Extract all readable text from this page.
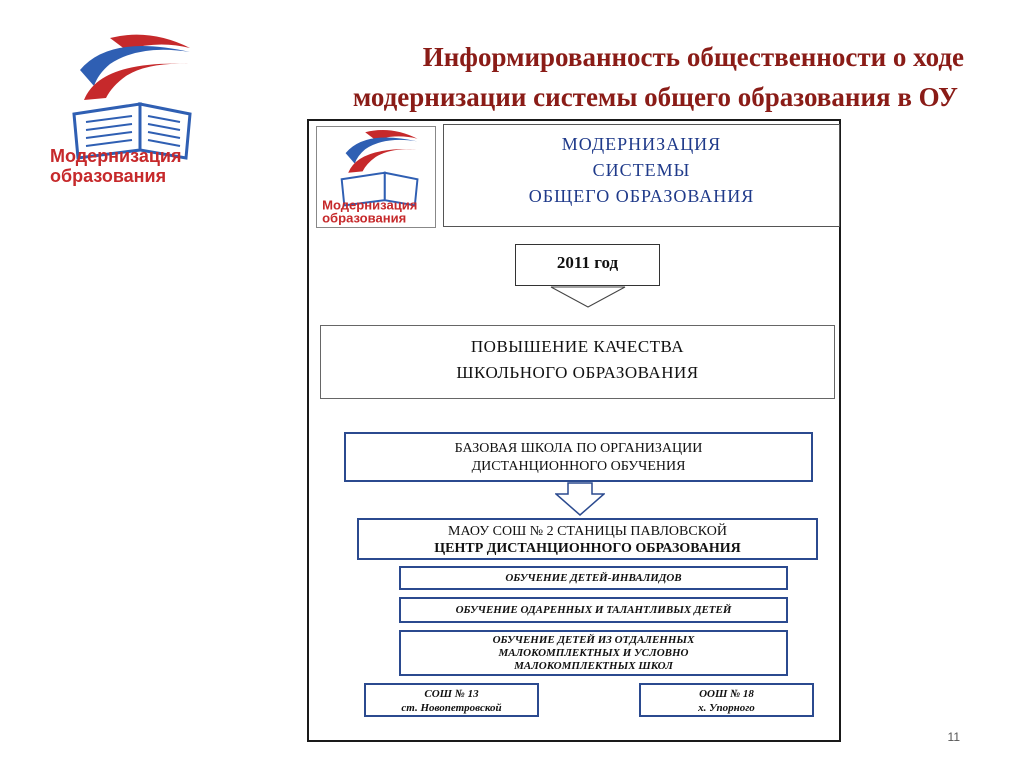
Информированность общественности о ходе
модернизации системы общего образования в ОУ
Модернизация
образования
Модернизация
образования
МОДЕРНИЗАЦИЯ
СИСТЕМЫ
ОБЩЕГО ОБРАЗОВАНИЯ
2011 год
ПОВЫШЕНИЕ КАЧЕСТВА
ШКОЛЬНОГО ОБРАЗОВАНИЯ
БАЗОВАЯ ШКОЛА ПО ОРГАНИЗАЦИИ
ДИСТАНЦИОННОГО ОБУЧЕНИЯ
МАОУ СОШ № 2 СТАНИЦЫ ПАВЛОВСКОЙ
ЦЕНТР ДИСТАНЦИОННОГО ОБРАЗОВАНИЯ
ОБУЧЕНИЕ ДЕТЕЙ-ИНВАЛИДОВ
ОБУЧЕНИЕ ОДАРЕННЫХ И ТАЛАНТЛИВЫХ ДЕТЕЙ
ОБУЧЕНИЕ ДЕТЕЙ ИЗ ОТДАЛЕННЫХ
МАЛОКОМПЛЕКТНЫХ И УСЛОВНО
МАЛОКОМПЛЕКТНЫХ ШКОЛ
СОШ № 13
ст. Новопетровской
ООШ № 18
х. Упорного
11
